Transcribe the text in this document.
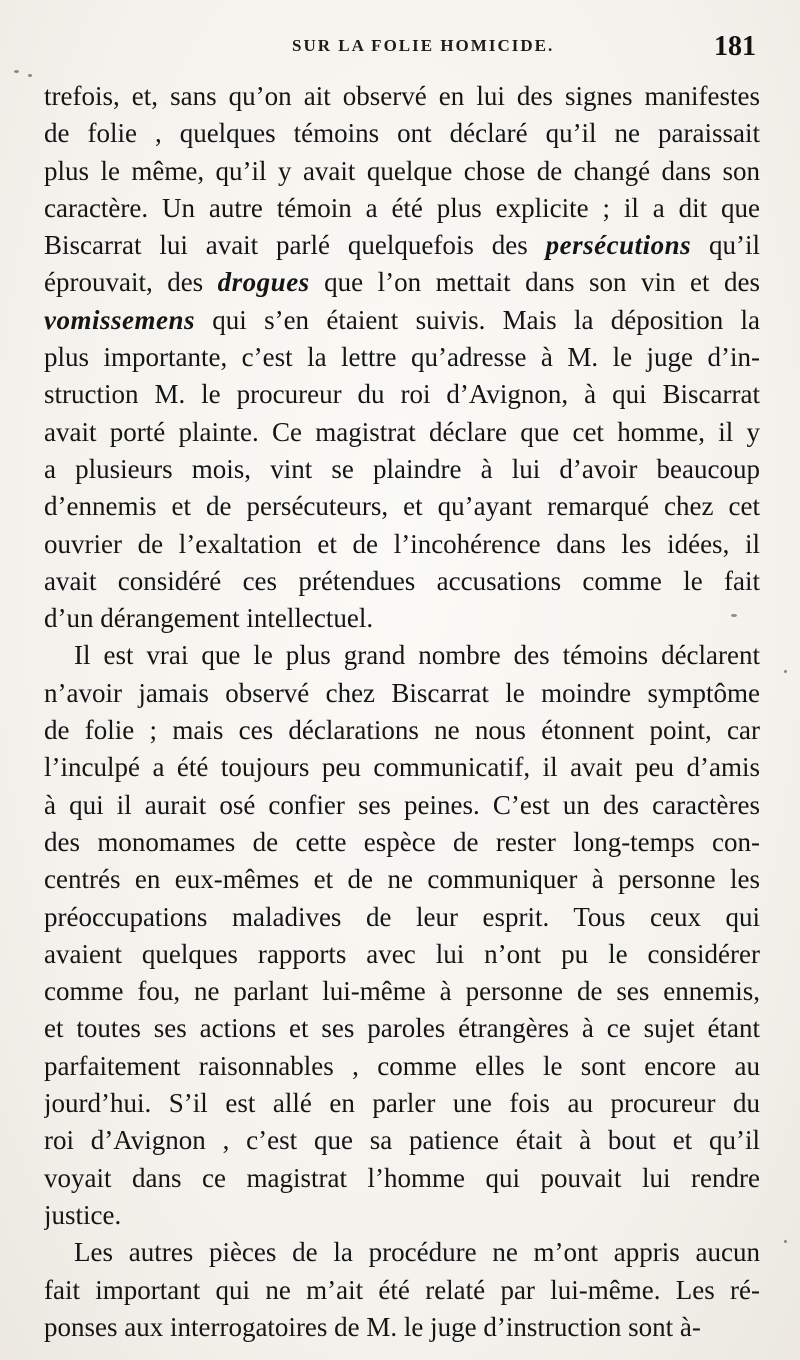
SUR LA FOLIE HOMICIDE.	181
trefois, et, sans qu’on ait observé en lui des signes manifestes
de folie , quelques témoins ont déclaré qu’il ne paraissait
plus le même, qu’il y avait quelque chose de changé dans son
caractère. Un autre témoin a été plus explicite ; il a dit que
Biscarrat lui avait parlé quelquefois des persécutions qu’il
éprouvait, des drogues que l’on mettait dans son vin et des
vomissemens qui s’en étaient suivis. Mais la déposition la
plus importante, c’est la lettre qu’adresse à M. le juge d’in-
struction M. le procureur du roi d’Avignon, à qui Biscarrat
avait porté plainte. Ce magistrat déclare que cet homme, il y
a plusieurs mois, vint se plaindre à lui d’avoir beaucoup
d’ennemis et de persécuteurs, et qu’ayant remarqué chez cet
ouvrier de l’exaltation et de l’incohérence dans les idées, il
avait considéré ces prétendues accusations comme le fait
d’un dérangement intellectuel.
Il est vrai que le plus grand nombre des témoins déclarent
n’avoir jamais observé chez Biscarrat le moindre symptôme
de folie ; mais ces déclarations ne nous étonnent point, car
l’inculpé a été toujours peu communicatif, il avait peu d’amis
à qui il aurait osé confier ses peines. C’est un des caractères
des monomames de cette espèce de rester long-temps con-
centrés en eux-mêmes et de ne communiquer à personne les
préoccupations maladives de leur esprit. Tous ceux qui
avaient quelques rapports avec lui n’ont pu le considérer
comme fou, ne parlant lui-même à personne de ses ennemis,
et toutes ses actions et ses paroles étrangères à ce sujet étant
parfaitement raisonnables , comme elles le sont encore au
jourd’hui. S’il est allé en parler une fois au procureur du
roi d’Avignon , c’est que sa patience était à bout et qu’il
voyait dans ce magistrat l’homme qui pouvait lui rendre
justice.
Les autres pièces de la procédure ne m’ont appris aucun
fait important qui ne m’ait été relaté par lui-même. Les ré-
ponses aux interrogatoires de M. le juge d’instruction sont à-
